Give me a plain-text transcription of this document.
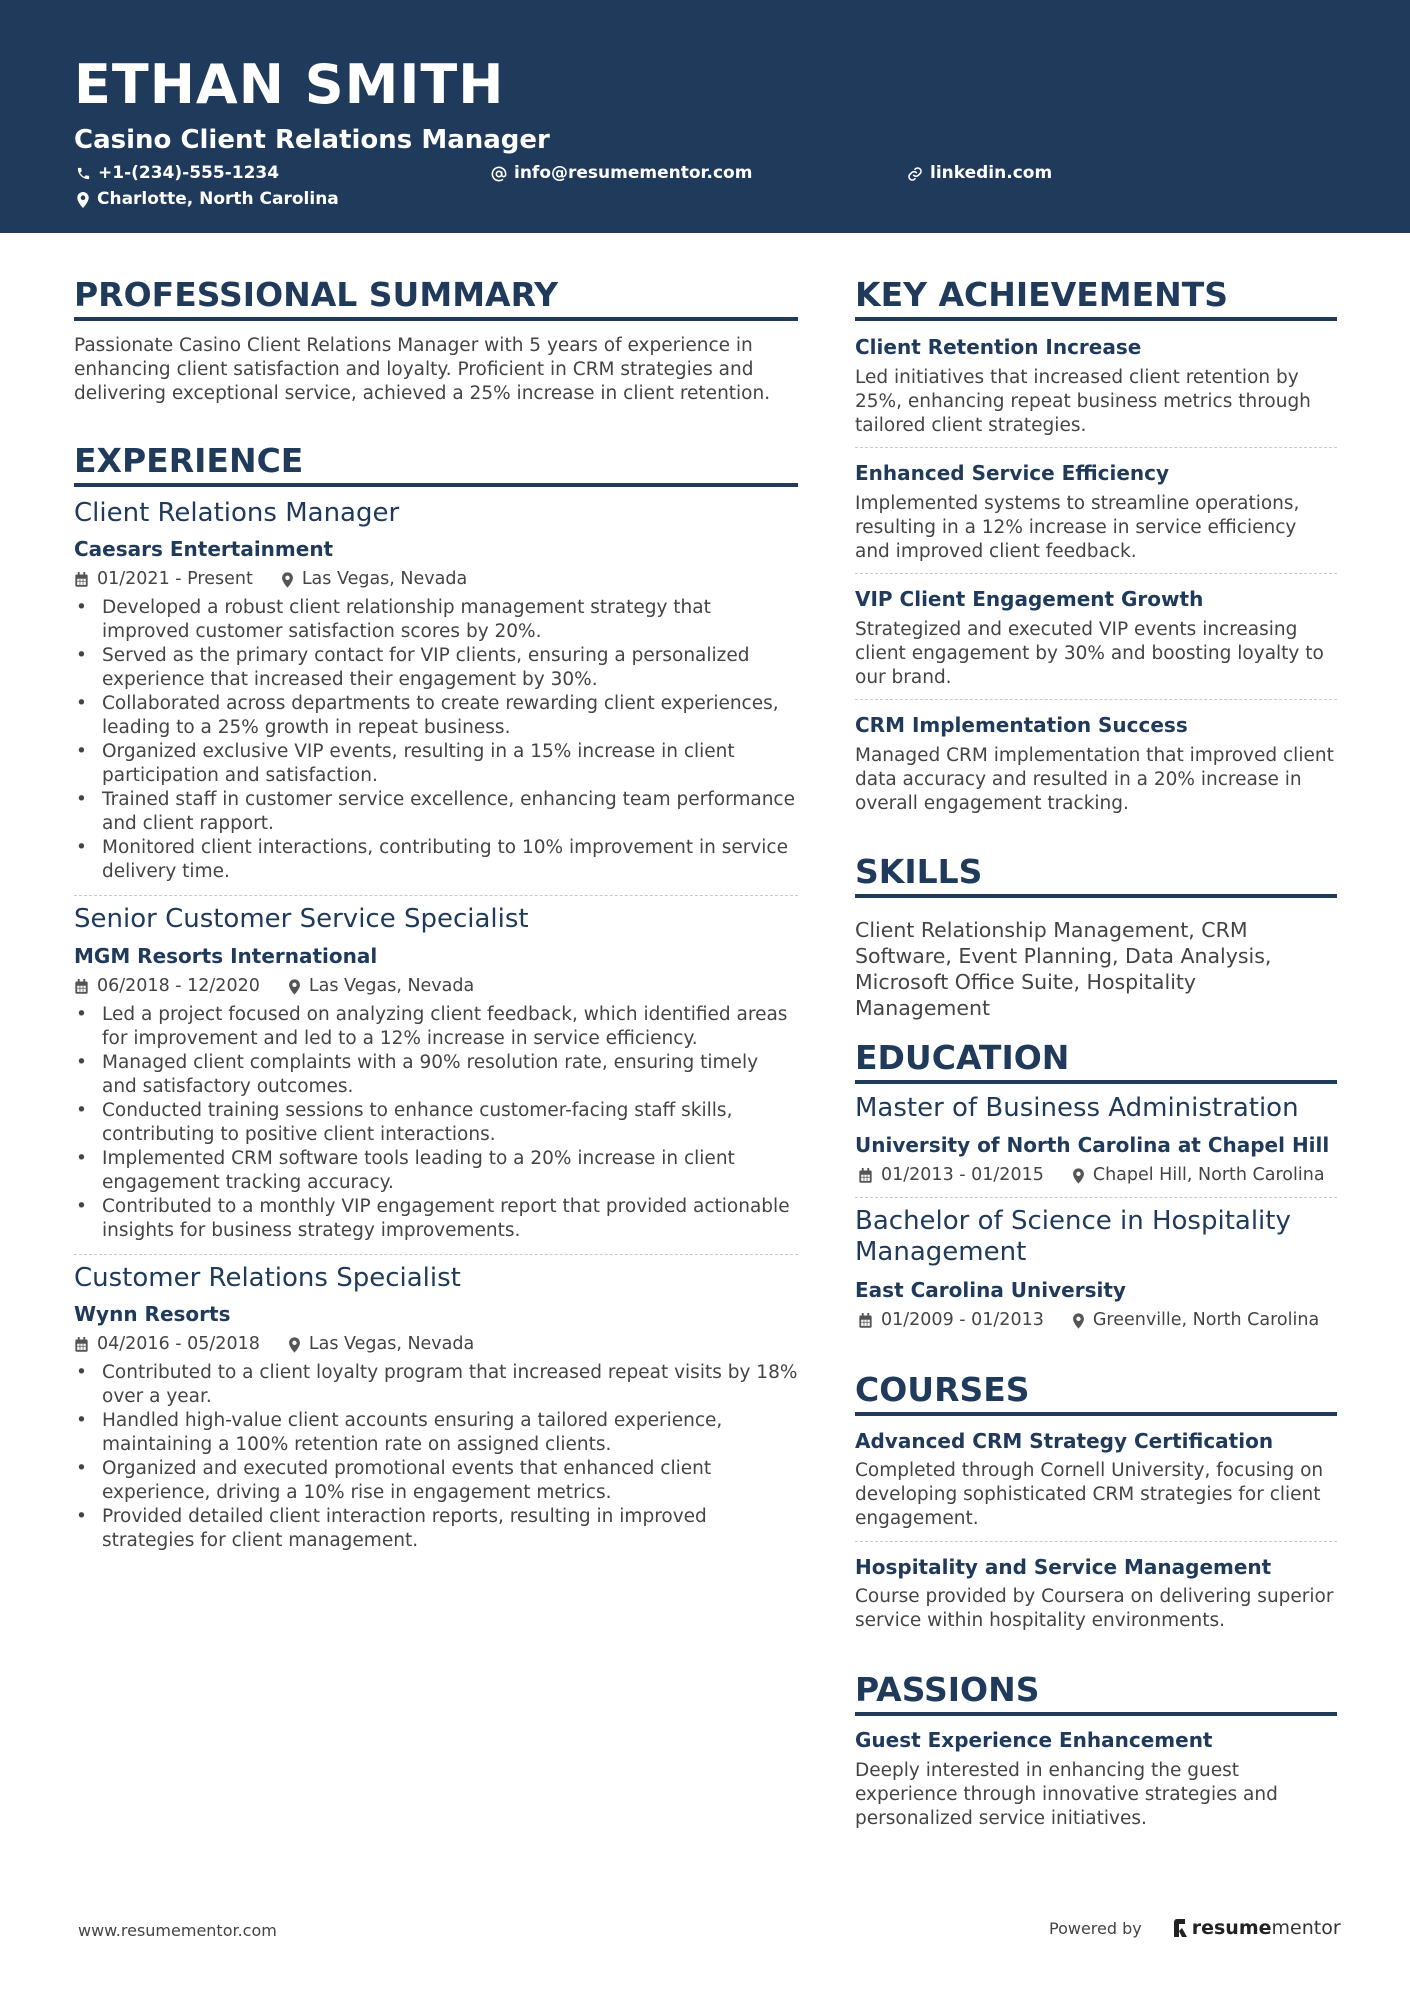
ETHAN SMITH
Casino Client Relations Manager
+1-(234)-555-1234	info@resumementor.com	linkedin.com
Charlotte, North Carolina
PROFESSIONAL SUMMARY
Passionate Casino Client Relations Manager with 5 years of experience in enhancing client satisfaction and loyalty. Proficient in CRM strategies and delivering exceptional service, achieved a 25% increase in client retention.
EXPERIENCE
Client Relations Manager
Caesars Entertainment
01/2021 - Present	Las Vegas, Nevada
• Developed a robust client relationship management strategy that improved customer satisfaction scores by 20%.
• Served as the primary contact for VIP clients, ensuring a personalized experience that increased their engagement by 30%.
• Collaborated across departments to create rewarding client experiences, leading to a 25% growth in repeat business.
• Organized exclusive VIP events, resulting in a 15% increase in client participation and satisfaction.
• Trained staff in customer service excellence, enhancing team performance and client rapport.
• Monitored client interactions, contributing to 10% improvement in service delivery time.
Senior Customer Service Specialist
MGM Resorts International
06/2018 - 12/2020	Las Vegas, Nevada
• Led a project focused on analyzing client feedback, which identified areas for improvement and led to a 12% increase in service efficiency.
• Managed client complaints with a 90% resolution rate, ensuring timely and satisfactory outcomes.
• Conducted training sessions to enhance customer-facing staff skills, contributing to positive client interactions.
• Implemented CRM software tools leading to a 20% increase in client engagement tracking accuracy.
• Contributed to a monthly VIP engagement report that provided actionable insights for business strategy improvements.
Customer Relations Specialist
Wynn Resorts
04/2016 - 05/2018	Las Vegas, Nevada
• Contributed to a client loyalty program that increased repeat visits by 18% over a year.
• Handled high-value client accounts ensuring a tailored experience, maintaining a 100% retention rate on assigned clients.
• Organized and executed promotional events that enhanced client experience, driving a 10% rise in engagement metrics.
• Provided detailed client interaction reports, resulting in improved strategies for client management.
KEY ACHIEVEMENTS
Client Retention Increase
Led initiatives that increased client retention by 25%, enhancing repeat business metrics through tailored client strategies.
Enhanced Service Efficiency
Implemented systems to streamline operations, resulting in a 12% increase in service efficiency and improved client feedback.
VIP Client Engagement Growth
Strategized and executed VIP events increasing client engagement by 30% and boosting loyalty to our brand.
CRM Implementation Success
Managed CRM implementation that improved client data accuracy and resulted in a 20% increase in overall engagement tracking.
SKILLS
Client Relationship Management, CRM Software, Event Planning, Data Analysis, Microsoft Office Suite, Hospitality Management
EDUCATION
Master of Business Administration
University of North Carolina at Chapel Hill
01/2013 - 01/2015	Chapel Hill, North Carolina
Bachelor of Science in Hospitality Management
East Carolina University
01/2009 - 01/2013	Greenville, North Carolina
COURSES
Advanced CRM Strategy Certification
Completed through Cornell University, focusing on developing sophisticated CRM strategies for client engagement.
Hospitality and Service Management
Course provided by Coursera on delivering superior service within hospitality environments.
PASSIONS
Guest Experience Enhancement
Deeply interested in enhancing the guest experience through innovative strategies and personalized service initiatives.
www.resumementor.com	Powered by	resume mentor
